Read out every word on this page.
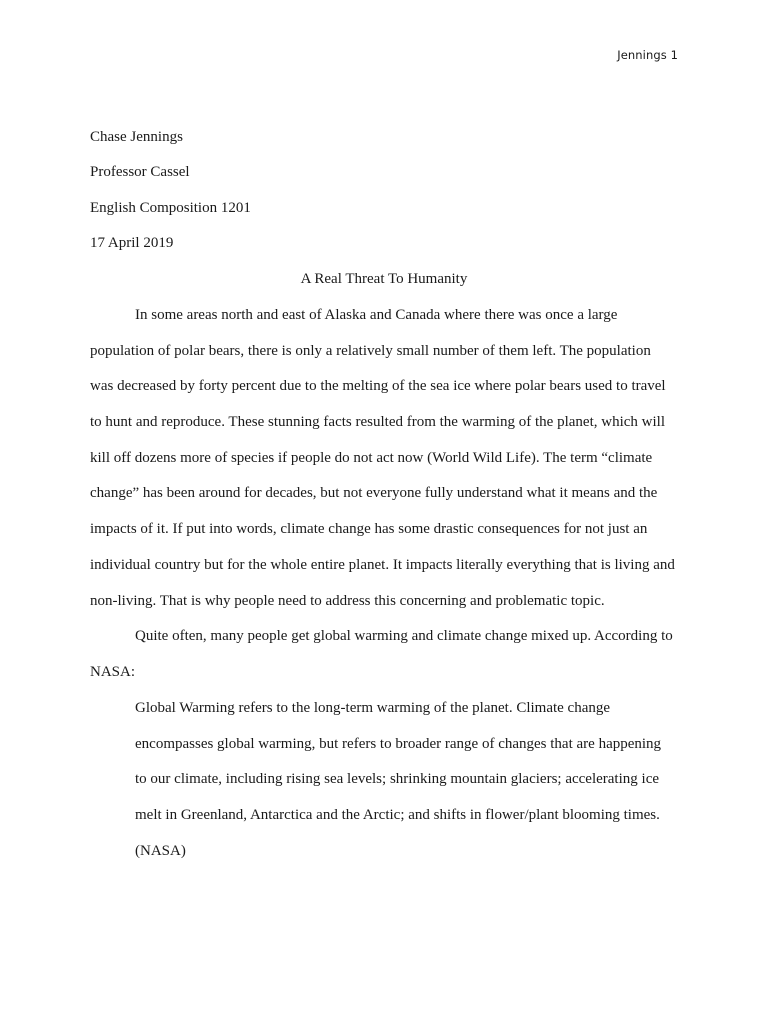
Jennings 1
Chase Jennings
Professor Cassel
English Composition 1201
17 April 2019
A Real Threat To Humanity
In some areas north and east of Alaska and Canada where there was once a large
population of polar bears, there is only a relatively small number of them left. The population
was decreased by forty percent due to the melting of the sea ice where polar bears used to travel
to hunt and reproduce. These stunning facts resulted from the warming of the planet, which will
kill off dozens more of species if people do not act now (World Wild Life). The term “climate
change” has been around for decades, but not everyone fully understand what it means and the
impacts of it. If put into words, climate change has some drastic consequences for not just an
individual country but for the whole entire planet. It impacts literally everything that is living and
non-living. That is why people need to address this concerning and problematic topic.
Quite often, many people get global warming and climate change mixed up. According to
NASA:
Global Warming refers to the long-term warming of the planet. Climate change
encompasses global warming, but refers to broader range of changes that are happening
to our climate, including rising sea levels; shrinking mountain glaciers; accelerating ice
melt in Greenland, Antarctica and the Arctic; and shifts in flower/plant blooming times.
(NASA)
